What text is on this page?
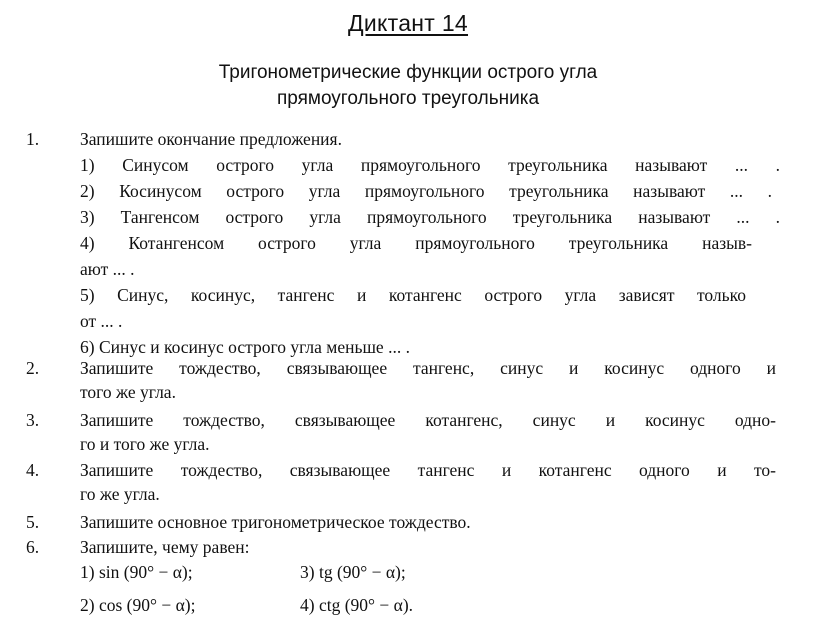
Диктант 14
Тригонометрические функции острого угла
прямоугольного треугольника
1. Запишите окончание предложения.
1) Синусом острого угла прямоугольного треугольника называют ... .
2) Косинусом острого угла прямоугольного треугольника называют ... .
3) Тангенсом острого угла прямоугольного треугольника называют ... .
4) Котангенсом острого угла прямоугольного треугольника назыв-
ают ... .
5) Синус, косинус, тангенс и котангенс острого угла зависят только
от ... .
6) Синус и косинус острого угла меньше ... .
2. Запишите тождество, связывающее тангенс, синус и косинус одного и
того же угла.
3. Запишите тождество, связывающее котангенс, синус и косинус одно-
го и того же угла.
4. Запишите тождество, связывающее тангенс и котангенс одного и то-
го же угла.
5. Запишите основное тригонометрическое тождество.
6. Запишите, чему равен:
1) sin (90° − α);	3) tg (90° − α);
2) cos (90° − α);	4) ctg (90° − α).
